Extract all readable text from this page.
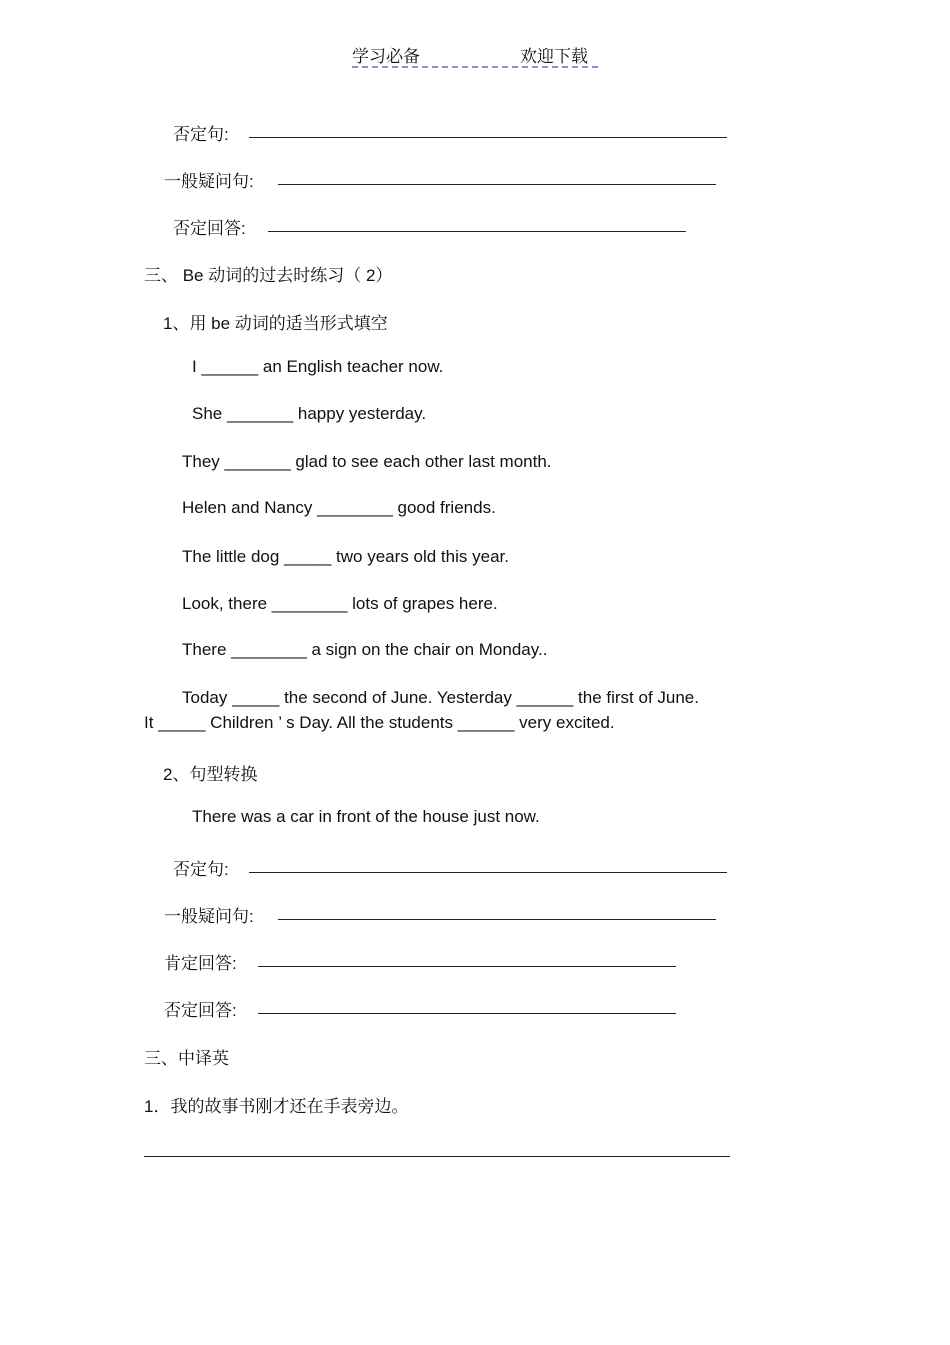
学习必备	欢迎下载
否定句:
一般疑问句:
否定回答:
三、 Be 动词的过去时练习（ 2）
1、用 be 动词的适当形式填空
I ______ an English teacher now.
She _______ happy yesterday.
They _______ glad to see each other last month.
Helen and Nancy ________ good friends.
The little dog _____ two years old this year.
Look, there ________ lots of grapes here.
There ________ a sign on the chair on Monday..
Today _____ the second of June. Yesterday ______ the first of June.
It _____ Children ’ s Day. All the students ______ very excited.
2、句型转换
There was a car in front of the house just now.
否定句:
一般疑问句:
肯定回答:
否定回答:
三、中译英
1．我的故事书刚才还在手表旁边。
